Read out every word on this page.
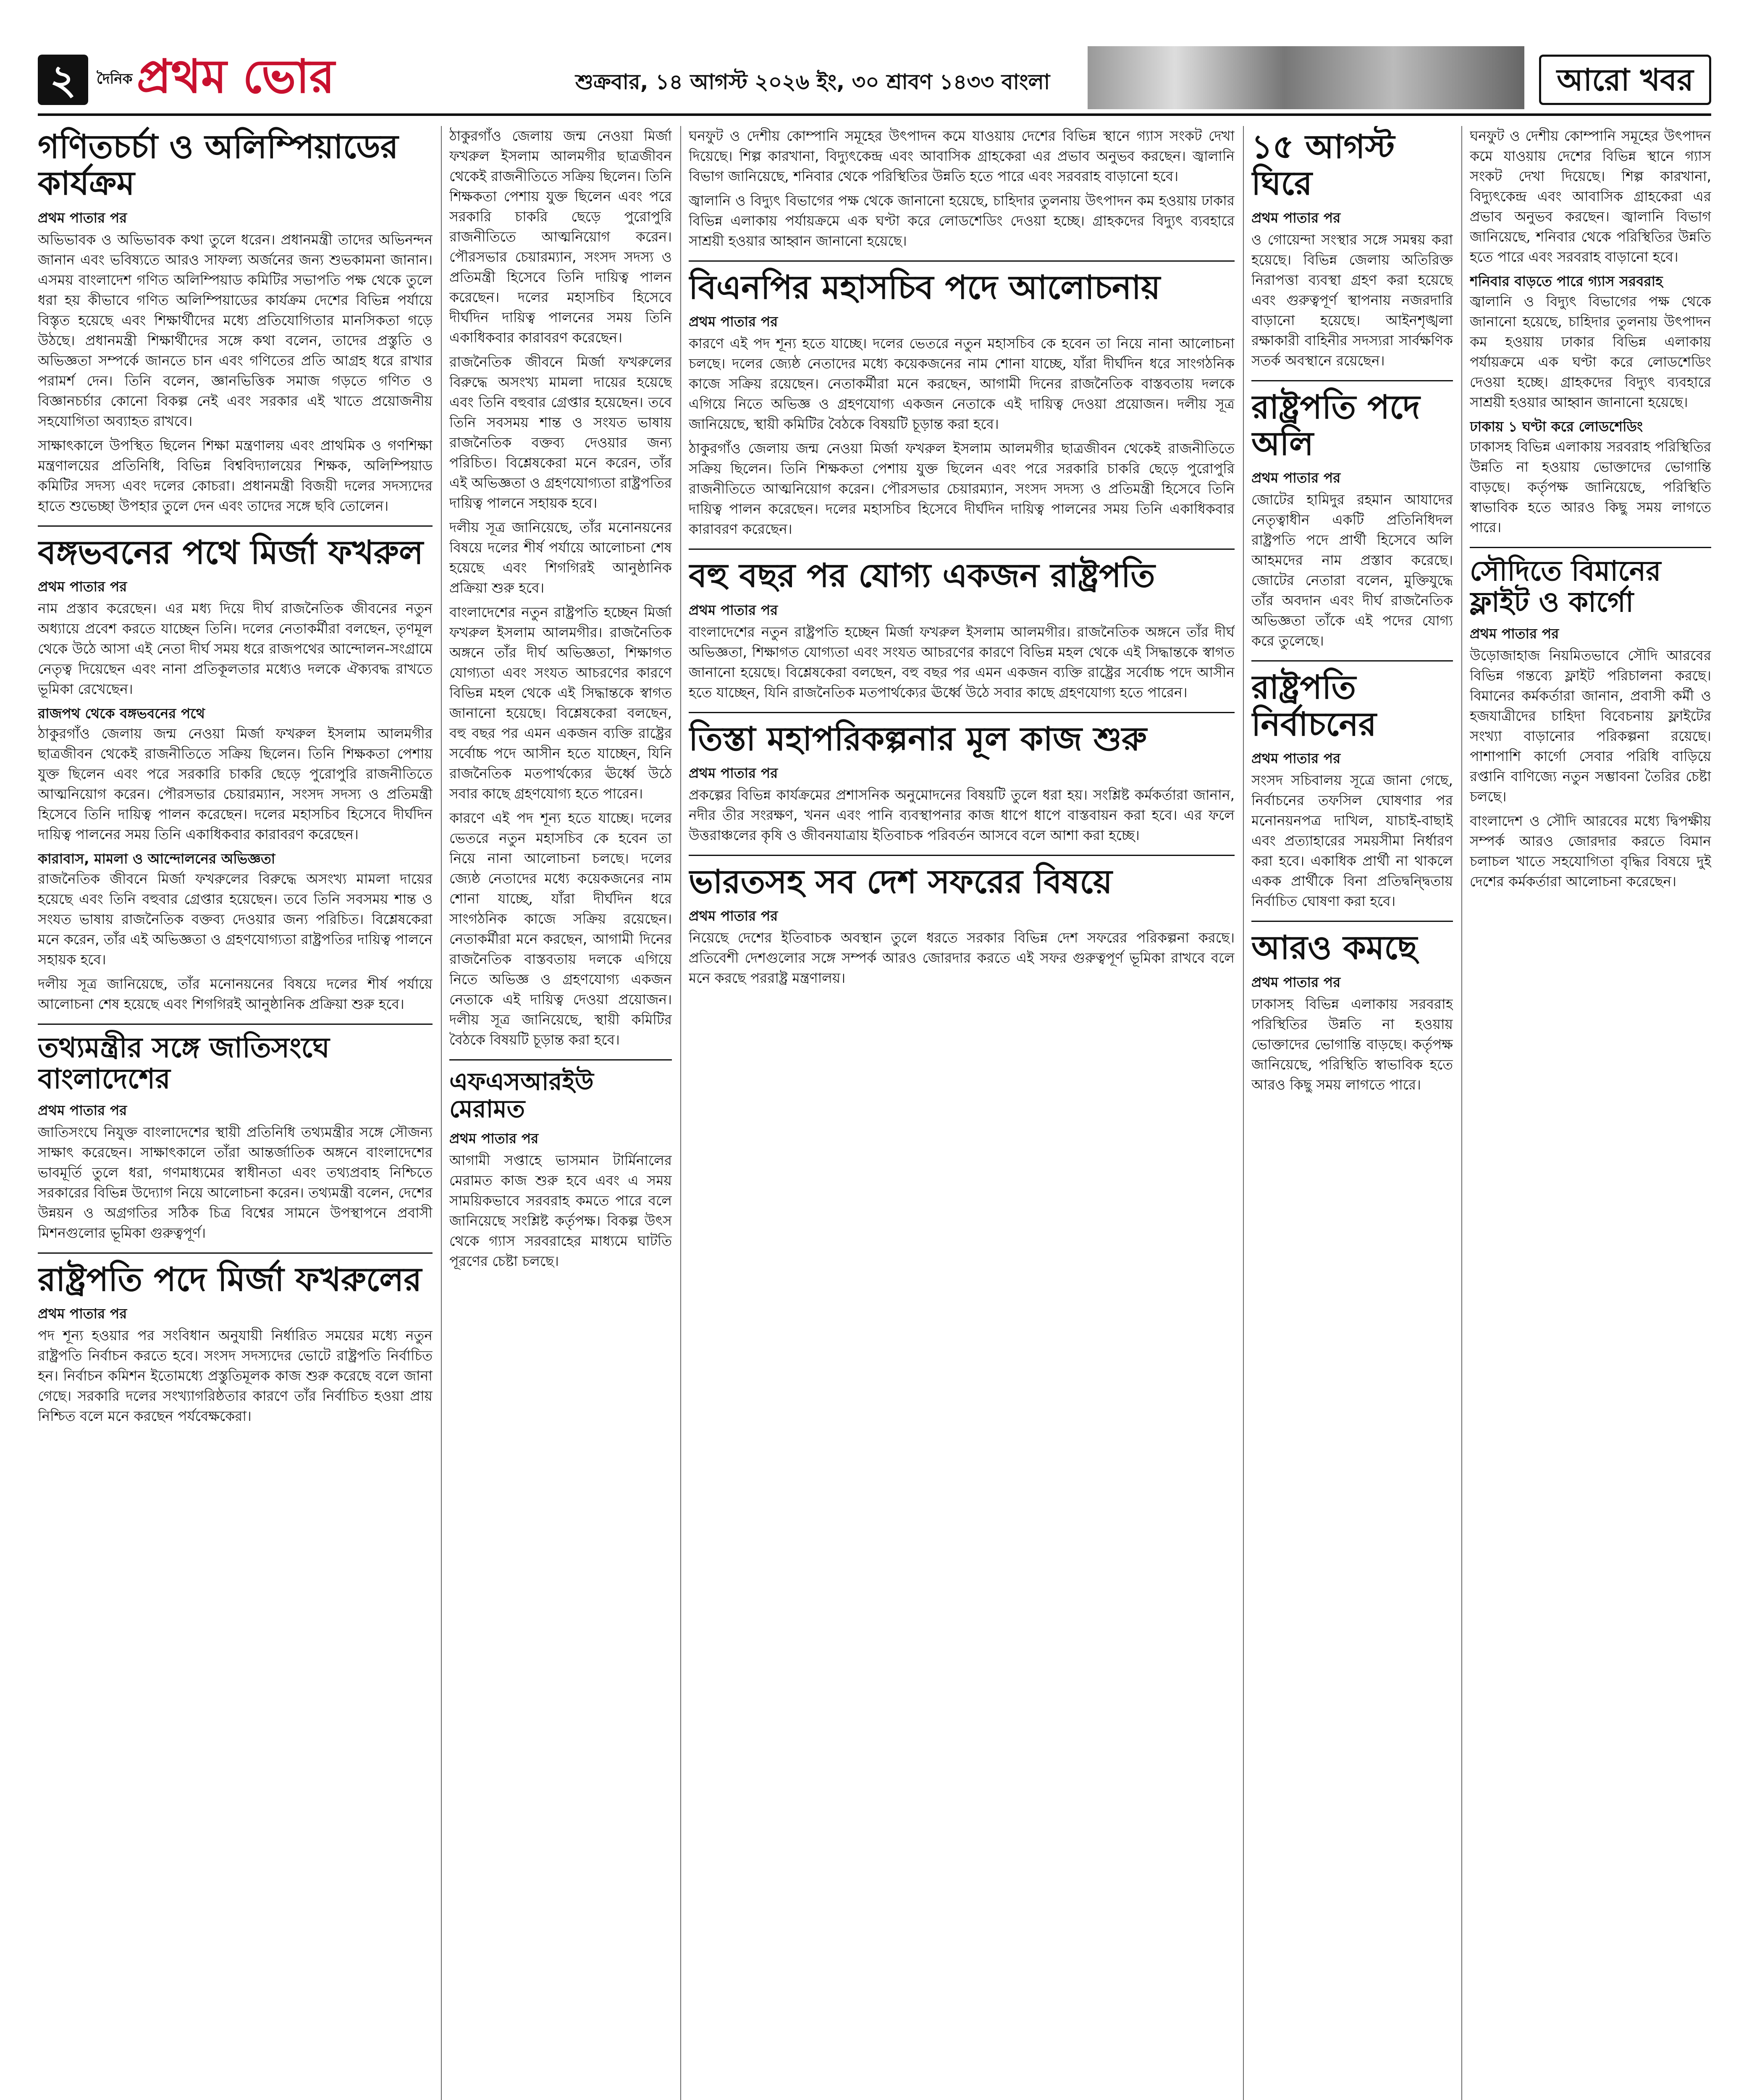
২	দৈনিক প্রথম ভোর	শুক্রবার, ১৪ আগস্ট ২০২৬ ইং, ৩০ শ্রাবণ ১৪৩৩ বাংলা	আরো খবর
গণিতচর্চা ও অলিম্পিয়াডের কার্যক্রম
প্রথম পাতার পর

অভিভাবক ও অভিভাবক কথা তুলে ধরেন। প্রধানমন্ত্রী তাদের অভিনন্দন জানান এবং ভবিষ্যতে আরও সাফল্য অর্জনের জন্য শুভকামনা জানান। এসময় বাংলাদেশ গণিত অলিম্পিয়াড কমিটির সভাপতি পক্ষ থেকে তুলে ধরা হয় কীভাবে গণিত অলিম্পিয়াডের কার্যক্রম দেশের বিভিন্ন পর্যায়ে বিস্তৃত হয়েছে এবং শিক্ষার্থীদের মধ্যে প্রতিযোগিতার মানসিকতা গড়ে উঠছে। প্রধানমন্ত্রী শিক্ষার্থীদের সঙ্গে কথা বলেন, তাদের প্রস্তুতি ও অভিজ্ঞতা সম্পর্কে জানতে চান এবং গণিতের প্রতি আগ্রহ ধরে রাখার পরামর্শ দেন। তিনি বলেন, জ্ঞানভিত্তিক সমাজ গড়তে গণিত ও বিজ্ঞানচর্চার কোনো বিকল্প নেই এবং সরকার এই খাতে প্রয়োজনীয় সহযোগিতা অব্যাহত রাখবে।

সাক্ষাৎকালে উপস্থিত ছিলেন শিক্ষা মন্ত্রণালয় এবং প্রাথমিক ও গণশিক্ষা মন্ত্রণালয়ের প্রতিনিধি, বিভিন্ন বিশ্ববিদ্যালয়ের শিক্ষক, অলিম্পিয়াড কমিটির সদস্য এবং দলের কোচরা। প্রধানমন্ত্রী বিজয়ী দলের সদস্যদের হাতে শুভেচ্ছা উপহার তুলে দেন এবং তাদের সঙ্গে ছবি তোলেন।

বঙ্গভবনের পথে মির্জা ফখরুল
প্রথম পাতার পর

নাম প্রস্তাব করেছেন। এর মধ্য দিয়ে দীর্ঘ রাজনৈতিক জীবনের নতুন অধ্যায়ে প্রবেশ করতে যাচ্ছেন তিনি। দলের নেতাকর্মীরা বলছেন, তৃণমূল থেকে উঠে আসা এই নেতা দীর্ঘ সময় ধরে রাজপথের আন্দোলন-সংগ্রামে নেতৃত্ব দিয়েছেন এবং নানা প্রতিকূলতার মধ্যেও দলকে ঐক্যবদ্ধ রাখতে ভূমিকা রেখেছেন।

রাজপথ থেকে বঙ্গভবনের পথে

ঠাকুরগাঁও জেলায় জন্ম নেওয়া মির্জা ফখরুল ইসলাম আলমগীর ছাত্রজীবন থেকেই রাজনীতিতে সক্রিয় ছিলেন। তিনি শিক্ষকতা পেশায় যুক্ত ছিলেন এবং পরে সরকারি চাকরি ছেড়ে পুরোপুরি রাজনীতিতে আত্মনিয়োগ করেন। পৌরসভার চেয়ারম্যান, সংসদ সদস্য ও প্রতিমন্ত্রী হিসেবে তিনি দায়িত্ব পালন করেছেন। দলের মহাসচিব হিসেবে দীর্ঘদিন দায়িত্ব পালনের সময় তিনি একাধিকবার কারাবরণ করেছেন।

কারাবাস, মামলা ও আন্দোলনের অভিজ্ঞতা

রাজনৈতিক জীবনে মির্জা ফখরুলের বিরুদ্ধে অসংখ্য মামলা দায়ের হয়েছে এবং তিনি বহুবার গ্রেপ্তার হয়েছেন। তবে তিনি সবসময় শান্ত ও সংযত ভাষায় রাজনৈতিক বক্তব্য দেওয়ার জন্য পরিচিত। বিশ্লেষকেরা মনে করেন, তাঁর এই অভিজ্ঞতা ও গ্রহণযোগ্যতা রাষ্ট্রপতির দায়িত্ব পালনে সহায়ক হবে।

দলীয় সূত্র জানিয়েছে, তাঁর মনোনয়নের বিষয়ে দলের শীর্ষ পর্যায়ে আলোচনা শেষ হয়েছে এবং শিগগিরই আনুষ্ঠানিক প্রক্রিয়া শুরু হবে।

তথ্যমন্ত্রীর সঙ্গে জাতিসংঘে বাংলাদেশের
প্রথম পাতার পর

জাতিসংঘে নিযুক্ত বাংলাদেশের স্থায়ী প্রতিনিধি তথ্যমন্ত্রীর সঙ্গে সৌজন্য সাক্ষাৎ করেছেন। সাক্ষাৎকালে তাঁরা আন্তর্জাতিক অঙ্গনে বাংলাদেশের ভাবমূর্তি তুলে ধরা, গণমাধ্যমের স্বাধীনতা এবং তথ্যপ্রবাহ নিশ্চিতে সরকারের বিভিন্ন উদ্যোগ নিয়ে আলোচনা করেন। তথ্যমন্ত্রী বলেন, দেশের উন্নয়ন ও অগ্রগতির সঠিক চিত্র বিশ্বের সামনে উপস্থাপনে প্রবাসী মিশনগুলোর ভূমিকা গুরুত্বপূর্ণ।

রাষ্ট্রপতি পদে মির্জা ফখরুলের
প্রথম পাতার পর

পদ শূন্য হওয়ার পর সংবিধান অনুযায়ী নির্ধারিত সময়ের মধ্যে নতুন রাষ্ট্রপতি নির্বাচন করতে হবে। সংসদ সদস্যদের ভোটে রাষ্ট্রপতি নির্বাচিত হন। নির্বাচন কমিশন ইতোমধ্যে প্রস্তুতিমূলক কাজ শুরু করেছে বলে জানা গেছে। সরকারি দলের সংখ্যাগরিষ্ঠতার কারণে তাঁর নির্বাচিত হওয়া প্রায় নিশ্চিত বলে মনে করছেন পর্যবেক্ষকেরা।

ঠাকুরগাঁও জেলায় জন্ম নেওয়া মির্জা ফখরুল ইসলাম আলমগীর ছাত্রজীবন থেকেই রাজনীতিতে সক্রিয় ছিলেন। তিনি শিক্ষকতা পেশায় যুক্ত ছিলেন এবং পরে সরকারি চাকরি ছেড়ে পুরোপুরি রাজনীতিতে আত্মনিয়োগ করেন। পৌরসভার চেয়ারম্যান, সংসদ সদস্য ও প্রতিমন্ত্রী হিসেবে তিনি দায়িত্ব পালন করেছেন। দলের মহাসচিব হিসেবে দীর্ঘদিন দায়িত্ব পালনের সময় তিনি একাধিকবার কারাবরণ করেছেন।

রাজনৈতিক জীবনে মির্জা ফখরুলের বিরুদ্ধে অসংখ্য মামলা দায়ের হয়েছে এবং তিনি বহুবার গ্রেপ্তার হয়েছেন। তবে তিনি সবসময় শান্ত ও সংযত ভাষায় রাজনৈতিক বক্তব্য দেওয়ার জন্য পরিচিত। বিশ্লেষকেরা মনে করেন, তাঁর এই অভিজ্ঞতা ও গ্রহণযোগ্যতা রাষ্ট্রপতির দায়িত্ব পালনে সহায়ক হবে।

দলীয় সূত্র জানিয়েছে, তাঁর মনোনয়নের বিষয়ে দলের শীর্ষ পর্যায়ে আলোচনা শেষ হয়েছে এবং শিগগিরই আনুষ্ঠানিক প্রক্রিয়া শুরু হবে।

বাংলাদেশের নতুন রাষ্ট্রপতি হচ্ছেন মির্জা ফখরুল ইসলাম আলমগীর। রাজনৈতিক অঙ্গনে তাঁর দীর্ঘ অভিজ্ঞতা, শিক্ষাগত যোগ্যতা এবং সংযত আচরণের কারণে বিভিন্ন মহল থেকে এই সিদ্ধান্তকে স্বাগত জানানো হয়েছে। বিশ্লেষকেরা বলছেন, বহু বছর পর এমন একজন ব্যক্তি রাষ্ট্রের সর্বোচ্চ পদে আসীন হতে যাচ্ছেন, যিনি রাজনৈতিক মতপার্থক্যের ঊর্ধ্বে উঠে সবার কাছে গ্রহণযোগ্য হতে পারেন।

কারণে এই পদ শূন্য হতে যাচ্ছে। দলের ভেতরে নতুন মহাসচিব কে হবেন তা নিয়ে নানা আলোচনা চলছে। দলের জ্যেষ্ঠ নেতাদের মধ্যে কয়েকজনের নাম শোনা যাচ্ছে, যাঁরা দীর্ঘদিন ধরে সাংগঠনিক কাজে সক্রিয় রয়েছেন। নেতাকর্মীরা মনে করছেন, আগামী দিনের রাজনৈতিক বাস্তবতায় দলকে এগিয়ে নিতে অভিজ্ঞ ও গ্রহণযোগ্য একজন নেতাকে এই দায়িত্ব দেওয়া প্রয়োজন। দলীয় সূত্র জানিয়েছে, স্থায়ী কমিটির বৈঠকে বিষয়টি চূড়ান্ত করা হবে।

এফএসআরইউ মেরামত
প্রথম পাতার পর

আগামী সপ্তাহে ভাসমান টার্মিনালের মেরামত কাজ শুরু হবে এবং এ সময় সাময়িকভাবে সরবরাহ কমতে পারে বলে জানিয়েছে সংশ্লিষ্ট কর্তৃপক্ষ। বিকল্প উৎস থেকে গ্যাস সরবরাহের মাধ্যমে ঘাটতি পূরণের চেষ্টা চলছে।

ঘনফুট ও দেশীয় কোম্পানি সমূহের উৎপাদন কমে যাওয়ায় দেশের বিভিন্ন স্থানে গ্যাস সংকট দেখা দিয়েছে। শিল্প কারখানা, বিদ্যুৎকেন্দ্র এবং আবাসিক গ্রাহকেরা এর প্রভাব অনুভব করছেন। জ্বালানি বিভাগ জানিয়েছে, শনিবার থেকে পরিস্থিতির উন্নতি হতে পারে এবং সরবরাহ বাড়ানো হবে।

জ্বালানি ও বিদ্যুৎ বিভাগের পক্ষ থেকে জানানো হয়েছে, চাহিদার তুলনায় উৎপাদন কম হওয়ায় ঢাকার বিভিন্ন এলাকায় পর্যায়ক্রমে এক ঘণ্টা করে লোডশেডিং দেওয়া হচ্ছে। গ্রাহকদের বিদ্যুৎ ব্যবহারে সাশ্রয়ী হওয়ার আহ্বান জানানো হয়েছে।

বিএনপির মহাসচিব পদে আলোচনায়
প্রথম পাতার পর

কারণে এই পদ শূন্য হতে যাচ্ছে। দলের ভেতরে নতুন মহাসচিব কে হবেন তা নিয়ে নানা আলোচনা চলছে। দলের জ্যেষ্ঠ নেতাদের মধ্যে কয়েকজনের নাম শোনা যাচ্ছে, যাঁরা দীর্ঘদিন ধরে সাংগঠনিক কাজে সক্রিয় রয়েছেন। নেতাকর্মীরা মনে করছেন, আগামী দিনের রাজনৈতিক বাস্তবতায় দলকে এগিয়ে নিতে অভিজ্ঞ ও গ্রহণযোগ্য একজন নেতাকে এই দায়িত্ব দেওয়া প্রয়োজন। দলীয় সূত্র জানিয়েছে, স্থায়ী কমিটির বৈঠকে বিষয়টি চূড়ান্ত করা হবে।

ঠাকুরগাঁও জেলায় জন্ম নেওয়া মির্জা ফখরুল ইসলাম আলমগীর ছাত্রজীবন থেকেই রাজনীতিতে সক্রিয় ছিলেন। তিনি শিক্ষকতা পেশায় যুক্ত ছিলেন এবং পরে সরকারি চাকরি ছেড়ে পুরোপুরি রাজনীতিতে আত্মনিয়োগ করেন। পৌরসভার চেয়ারম্যান, সংসদ সদস্য ও প্রতিমন্ত্রী হিসেবে তিনি দায়িত্ব পালন করেছেন। দলের মহাসচিব হিসেবে দীর্ঘদিন দায়িত্ব পালনের সময় তিনি একাধিকবার কারাবরণ করেছেন।

বহু বছর পর যোগ্য একজন রাষ্ট্রপতি
প্রথম পাতার পর

বাংলাদেশের নতুন রাষ্ট্রপতি হচ্ছেন মির্জা ফখরুল ইসলাম আলমগীর। রাজনৈতিক অঙ্গনে তাঁর দীর্ঘ অভিজ্ঞতা, শিক্ষাগত যোগ্যতা এবং সংযত আচরণের কারণে বিভিন্ন মহল থেকে এই সিদ্ধান্তকে স্বাগত জানানো হয়েছে। বিশ্লেষকেরা বলছেন, বহু বছর পর এমন একজন ব্যক্তি রাষ্ট্রের সর্বোচ্চ পদে আসীন হতে যাচ্ছেন, যিনি রাজনৈতিক মতপার্থক্যের ঊর্ধ্বে উঠে সবার কাছে গ্রহণযোগ্য হতে পারেন।

তিস্তা মহাপরিকল্পনার মূল কাজ শুরু
প্রথম পাতার পর

প্রকল্পের বিভিন্ন কার্যক্রমের প্রশাসনিক অনুমোদনের বিষয়টি তুলে ধরা হয়। সংশ্লিষ্ট কর্মকর্তারা জানান, নদীর তীর সংরক্ষণ, খনন এবং পানি ব্যবস্থাপনার কাজ ধাপে ধাপে বাস্তবায়ন করা হবে। এর ফলে উত্তরাঞ্চলের কৃষি ও জীবনযাত্রায় ইতিবাচক পরিবর্তন আসবে বলে আশা করা হচ্ছে।

ভারতসহ সব দেশ সফরের বিষয়ে
প্রথম পাতার পর

নিয়েছে দেশের ইতিবাচক অবস্থান তুলে ধরতে সরকার বিভিন্ন দেশ সফরের পরিকল্পনা করছে। প্রতিবেশী দেশগুলোর সঙ্গে সম্পর্ক আরও জোরদার করতে এই সফর গুরুত্বপূর্ণ ভূমিকা রাখবে বলে মনে করছে পররাষ্ট্র মন্ত্রণালয়।

১৫ আগস্ট ঘিরে
প্রথম পাতার পর

ও গোয়েন্দা সংস্থার সঙ্গে সমন্বয় করা হয়েছে। বিভিন্ন জেলায় অতিরিক্ত নিরাপত্তা ব্যবস্থা গ্রহণ করা হয়েছে এবং গুরুত্বপূর্ণ স্থাপনায় নজরদারি বাড়ানো হয়েছে। আইনশৃঙ্খলা রক্ষাকারী বাহিনীর সদস্যরা সার্বক্ষণিক সতর্ক অবস্থানে রয়েছেন।

রাষ্ট্রপতি পদে অলি
প্রথম পাতার পর

জোটের হামিদুর রহমান আযাদের নেতৃত্বাধীন একটি প্রতিনিধিদল রাষ্ট্রপতি পদে প্রার্থী হিসেবে অলি আহমদের নাম প্রস্তাব করেছে। জোটের নেতারা বলেন, মুক্তিযুদ্ধে তাঁর অবদান এবং দীর্ঘ রাজনৈতিক অভিজ্ঞতা তাঁকে এই পদের যোগ্য করে তুলেছে।

রাষ্ট্রপতি নির্বাচনের
প্রথম পাতার পর

সংসদ সচিবালয় সূত্রে জানা গেছে, নির্বাচনের তফসিল ঘোষণার পর মনোনয়নপত্র দাখিল, যাচাই-বাছাই এবং প্রত্যাহারের সময়সীমা নির্ধারণ করা হবে। একাধিক প্রার্থী না থাকলে একক প্রার্থীকে বিনা প্রতিদ্বন্দ্বিতায় নির্বাচিত ঘোষণা করা হবে।

আরও কমছে
প্রথম পাতার পর

ঢাকাসহ বিভিন্ন এলাকায় সরবরাহ পরিস্থিতির উন্নতি না হওয়ায় ভোক্তাদের ভোগান্তি বাড়ছে। কর্তৃপক্ষ জানিয়েছে, পরিস্থিতি স্বাভাবিক হতে আরও কিছু সময় লাগতে পারে।

ঘনফুট ও দেশীয় কোম্পানি সমূহের উৎপাদন কমে যাওয়ায় দেশের বিভিন্ন স্থানে গ্যাস সংকট দেখা দিয়েছে। শিল্প কারখানা, বিদ্যুৎকেন্দ্র এবং আবাসিক গ্রাহকেরা এর প্রভাব অনুভব করছেন। জ্বালানি বিভাগ জানিয়েছে, শনিবার থেকে পরিস্থিতির উন্নতি হতে পারে এবং সরবরাহ বাড়ানো হবে।

শনিবার বাড়তে পারে গ্যাস সরবরাহ

জ্বালানি ও বিদ্যুৎ বিভাগের পক্ষ থেকে জানানো হয়েছে, চাহিদার তুলনায় উৎপাদন কম হওয়ায় ঢাকার বিভিন্ন এলাকায় পর্যায়ক্রমে এক ঘণ্টা করে লোডশেডিং দেওয়া হচ্ছে। গ্রাহকদের বিদ্যুৎ ব্যবহারে সাশ্রয়ী হওয়ার আহ্বান জানানো হয়েছে।

ঢাকায় ১ ঘণ্টা করে লোডশেডিং

ঢাকাসহ বিভিন্ন এলাকায় সরবরাহ পরিস্থিতির উন্নতি না হওয়ায় ভোক্তাদের ভোগান্তি বাড়ছে। কর্তৃপক্ষ জানিয়েছে, পরিস্থিতি স্বাভাবিক হতে আরও কিছু সময় লাগতে পারে।

সৌদিতে বিমানের ফ্লাইট ও কার্গো
প্রথম পাতার পর

উড়োজাহাজ নিয়মিতভাবে সৌদি আরবের বিভিন্ন গন্তব্যে ফ্লাইট পরিচালনা করছে। বিমানের কর্মকর্তারা জানান, প্রবাসী কর্মী ও হজযাত্রীদের চাহিদা বিবেচনায় ফ্লাইটের সংখ্যা বাড়ানোর পরিকল্পনা রয়েছে। পাশাপাশি কার্গো সেবার পরিধি বাড়িয়ে রপ্তানি বাণিজ্যে নতুন সম্ভাবনা তৈরির চেষ্টা চলছে।

বাংলাদেশ ও সৌদি আরবের মধ্যে দ্বিপক্ষীয় সম্পর্ক আরও জোরদার করতে বিমান চলাচল খাতে সহযোগিতা বৃদ্ধির বিষয়ে দুই দেশের কর্মকর্তারা আলোচনা করেছেন।
